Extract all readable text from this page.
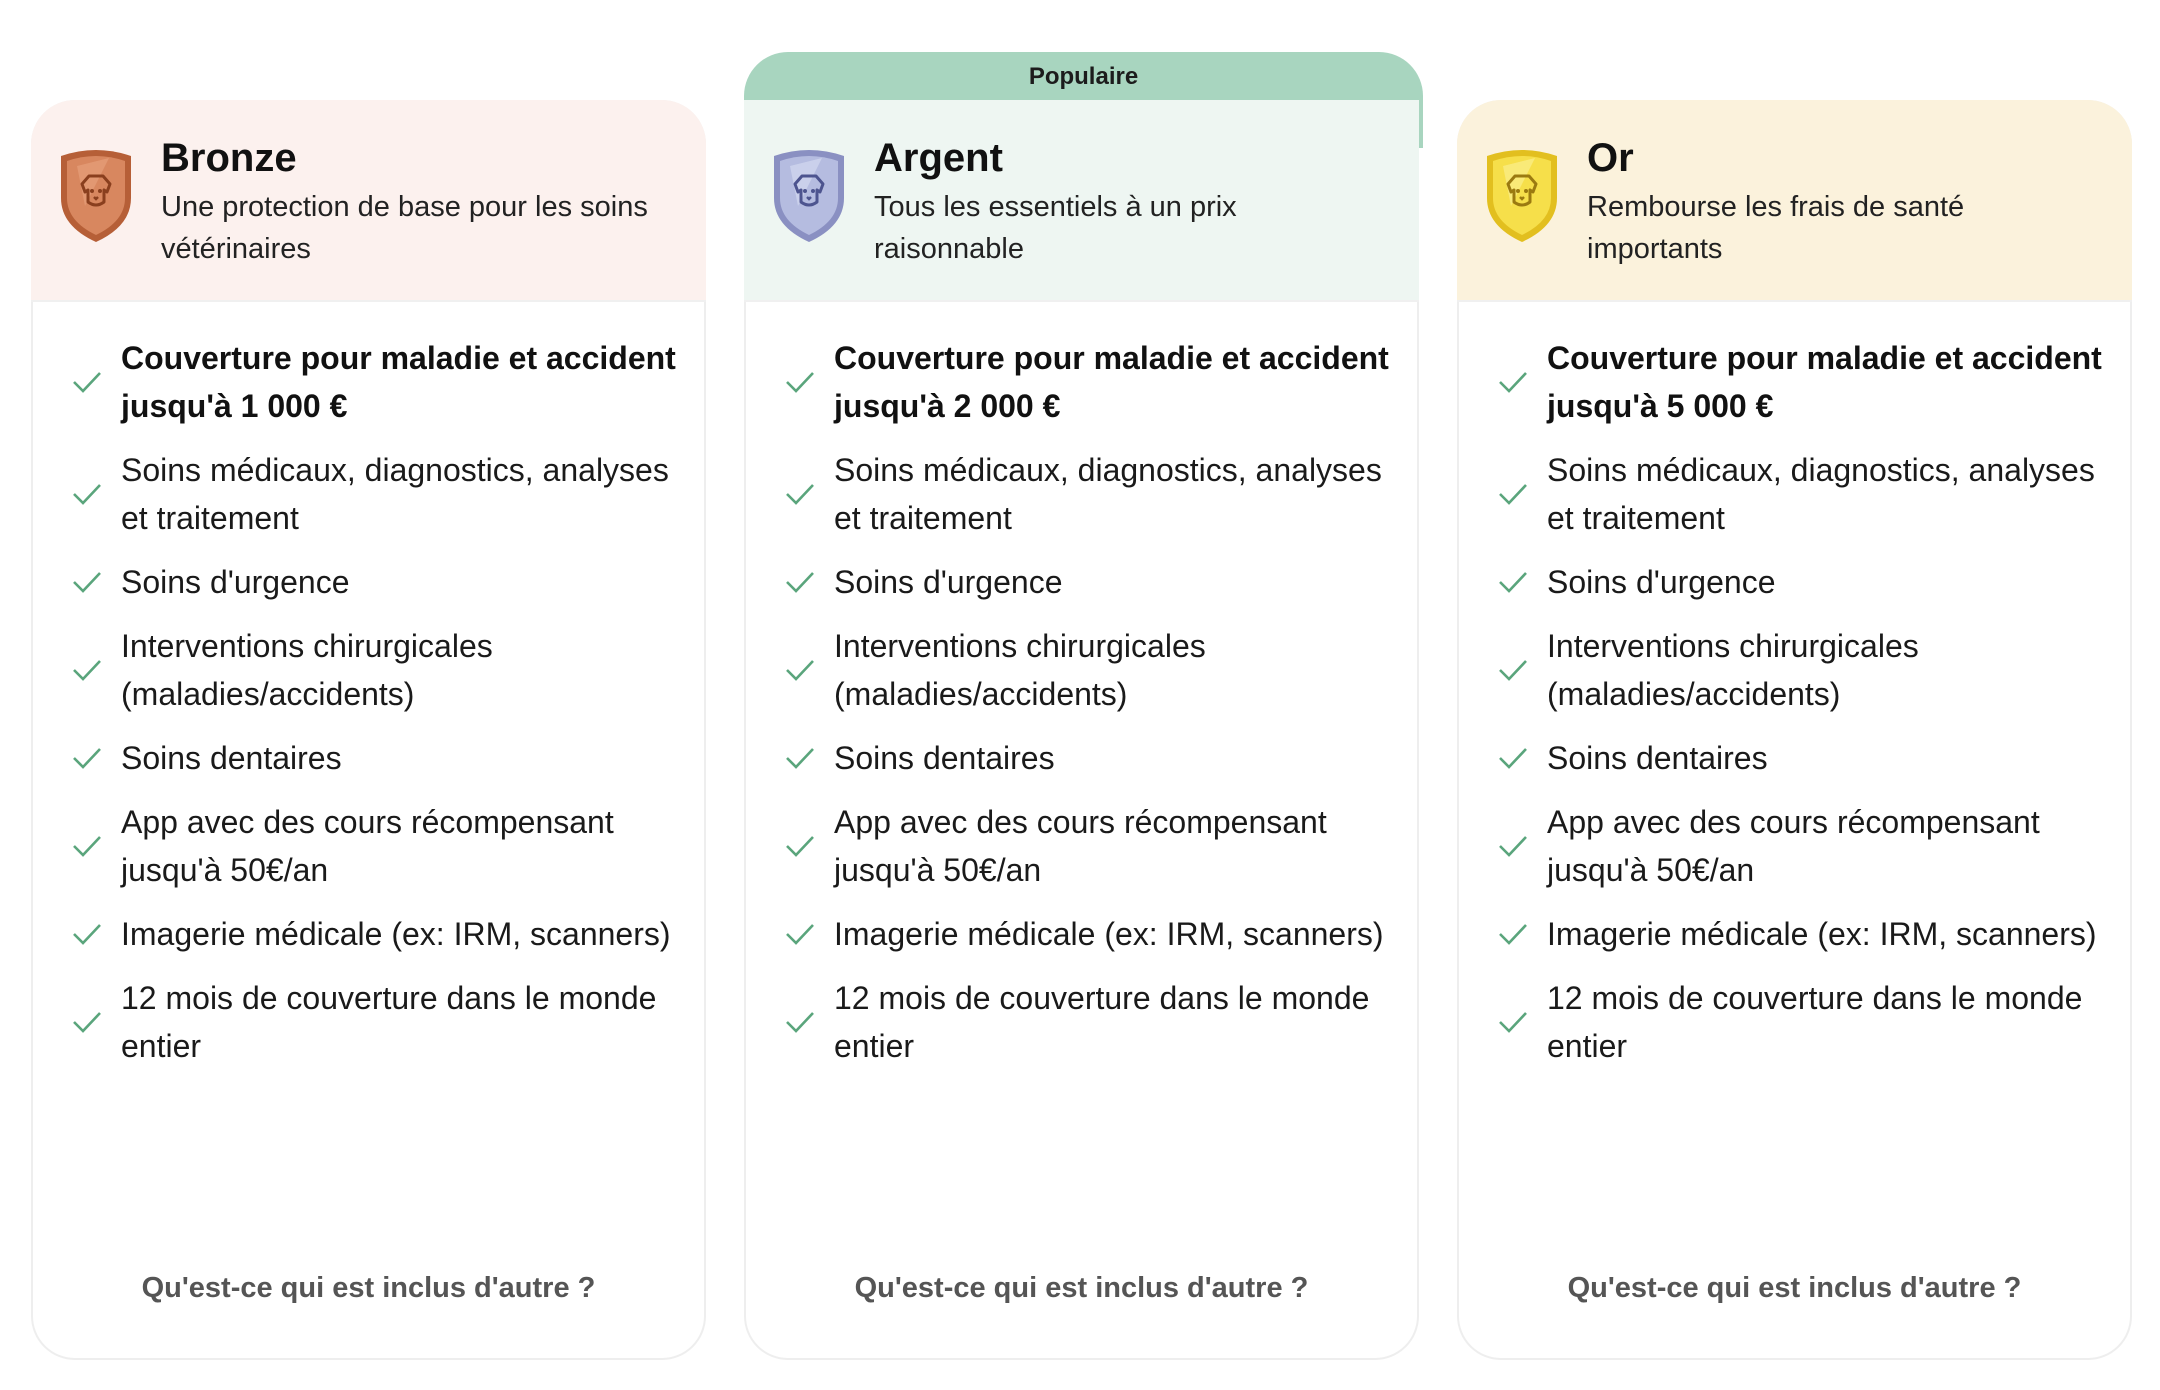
Bronze
Une protection de base pour les soins vétérinaires
Couverture pour maladie et accident jusqu'à 1 000 €
Soins médicaux, diagnostics, analyses et traitement
Soins d'urgence
Interventions chirurgicales (maladies/accidents)
Soins dentaires
App avec des cours récompensant jusqu'à 50€/an
Imagerie médicale (ex: IRM, scanners)
12 mois de couverture dans le monde entier
Qu'est-ce qui est inclus d'autre ?
Populaire
Argent
Tous les essentiels à un prix raisonnable
Couverture pour maladie et accident jusqu'à 2 000 €
Soins médicaux, diagnostics, analyses et traitement
Soins d'urgence
Interventions chirurgicales (maladies/accidents)
Soins dentaires
App avec des cours récompensant jusqu'à 50€/an
Imagerie médicale (ex: IRM, scanners)
12 mois de couverture dans le monde entier
Qu'est-ce qui est inclus d'autre ?
Or
Rembourse les frais de santé importants
Couverture pour maladie et accident jusqu'à 5 000 €
Soins médicaux, diagnostics, analyses et traitement
Soins d'urgence
Interventions chirurgicales (maladies/accidents)
Soins dentaires
App avec des cours récompensant jusqu'à 50€/an
Imagerie médicale (ex: IRM, scanners)
12 mois de couverture dans le monde entier
Qu'est-ce qui est inclus d'autre ?
